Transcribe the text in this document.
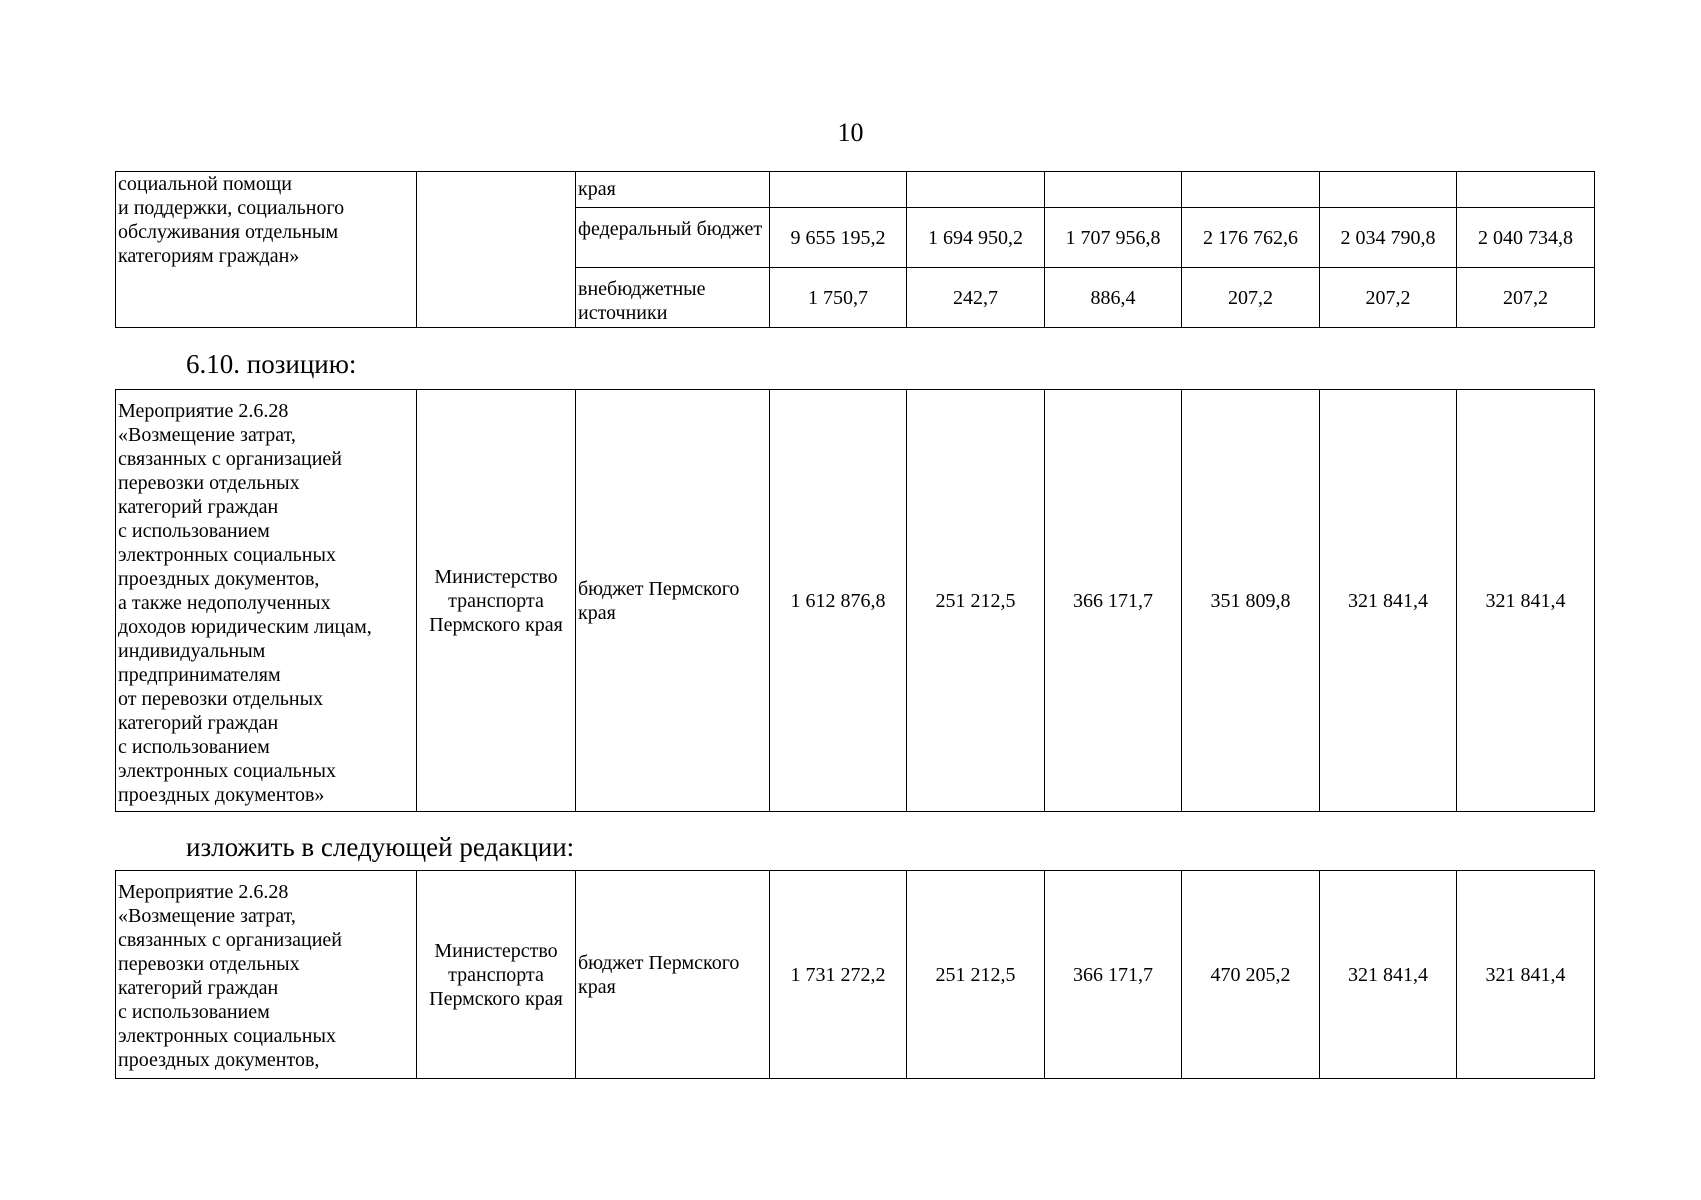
10
социальной помощи
и поддержки, социального
обслуживания отдельным
категориям граждан»		края						
		федеральный бюджет	9 655 195,2	1 694 950,2	1 707 956,8	2 176 762,6	2 034 790,8	2 040 734,8
		внебюджетные источники	1 750,7	242,7	886,4	207,2	207,2	207,2
6.10. позицию:
Мероприятие 2.6.28
«Возмещение затрат,
связанных с организацией
перевозки отдельных
категорий граждан
с использованием
электронных социальных
проездных документов,
а также недополученных
доходов юридическим лицам,
индивидуальным
предпринимателям
от перевозки отдельных
категорий граждан
с использованием
электронных социальных
проездных документов»	Министерство
транспорта
Пермского края	бюджет Пермского края	1 612 876,8	251 212,5	366 171,7	351 809,8	321 841,4	321 841,4
изложить в следующей редакции:
Мероприятие 2.6.28
«Возмещение затрат,
связанных с организацией
перевозки отдельных
категорий граждан
с использованием
электронных социальных
проездных документов,	Министерство
транспорта
Пермского края	бюджет Пермского края	1 731 272,2	251 212,5	366 171,7	470 205,2	321 841,4	321 841,4
